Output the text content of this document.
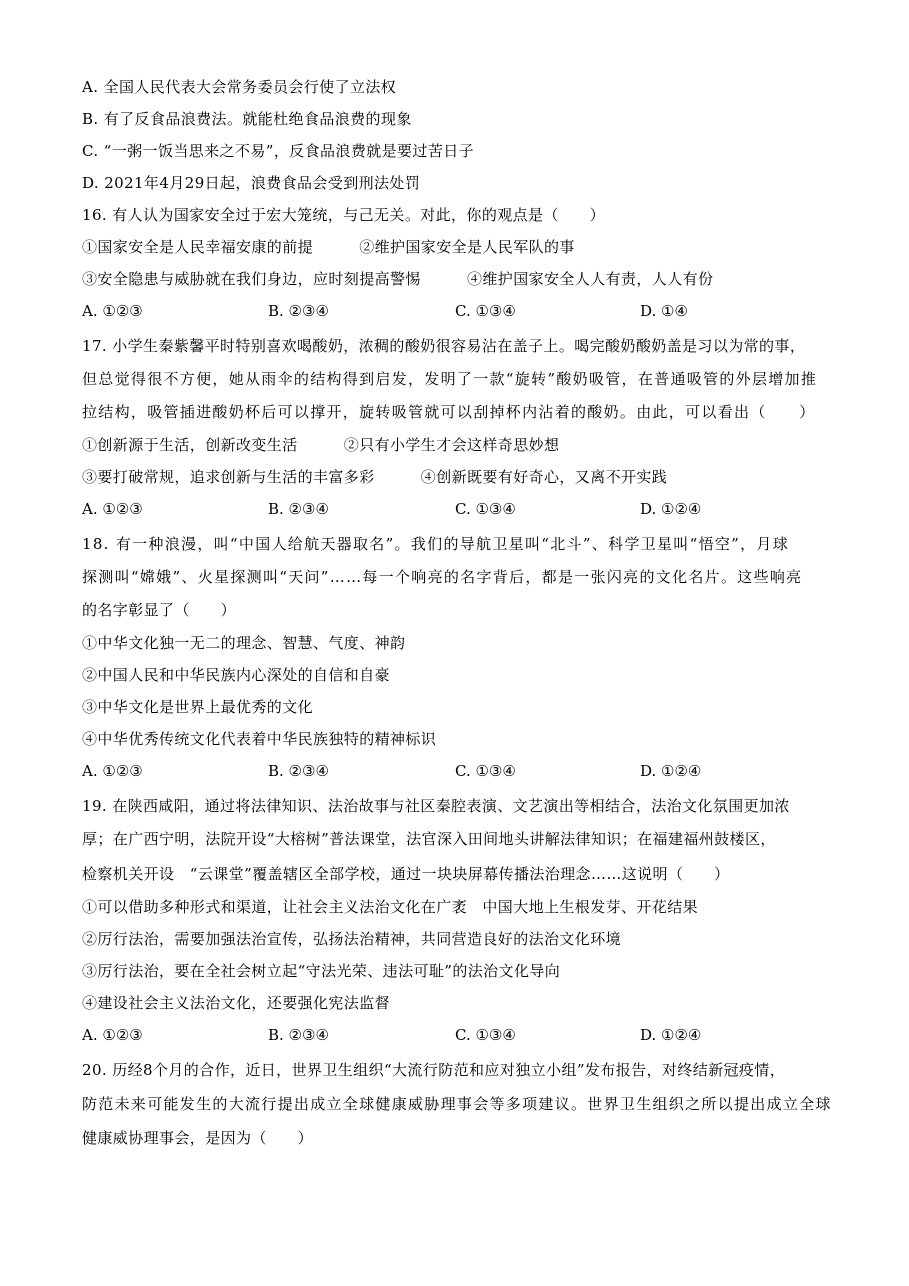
A. 全国人民代表大会常务委员会行使了立法权
B. 有了反食品浪费法。就能杜绝食品浪费的现象
C. “一粥一饭当思来之不易”，反食品浪费就是要过苦日子
D. 2021年4月29日起，浪费食品会受到刑法处罚
16. 有人认为国家安全过于宏大笼统，与己无关。对此，你的观点是（　　）
①国家安全是人民幸福安康的前提　　　②维护国家安全是人民军队的事
③安全隐患与威胁就在我们身边，应时刻提高警惕　　　④维护国家安全人人有责，人人有份
A. ①②③	B. ②③④	C. ①③④	D. ①④
17. 小学生秦紫馨平时特别喜欢喝酸奶，浓稠的酸奶很容易沾在盖子上。喝完酸奶酸奶盖是习以为常的事，
但总觉得很不方便，她从雨伞的结构得到启发，发明了一款“旋转”酸奶吸管，在普通吸管的外层增加推
拉结构，吸管插进酸奶杯后可以撑开，旋转吸管就可以刮掉杯内沾着的酸奶。由此，可以看出（　　）
①创新源于生活，创新改变生活　　　②只有小学生才会这样奇思妙想
③要打破常规，追求创新与生活的丰富多彩　　　④创新既要有好奇心，又离不开实践
A. ①②③	B. ②③④	C. ①③④	D. ①②④
18. 有一种浪漫，叫“中国人给航天器取名”。我们的导航卫星叫“北斗”、科学卫星叫“悟空”，月球
探测叫“嫦娥”、火星探测叫“天问”……每一个响亮的名字背后，都是一张闪亮的文化名片。这些响亮
的名字彰显了（　　）
①中华文化独一无二的理念、智慧、气度、神韵
②中国人民和中华民族内心深处的自信和自豪
③中华文化是世界上最优秀的文化
④中华优秀传统文化代表着中华民族独特的精神标识
A. ①②③	B. ②③④	C. ①③④	D. ①②④
19. 在陕西咸阳，通过将法律知识、法治故事与社区秦腔表演、文艺演出等相结合，法治文化氛围更加浓
厚；在广西宁明，法院开设“大榕树”普法课堂，法官深入田间地头讲解法律知识；在福建福州鼓楼区，
检察机关开设　“云课堂”覆盖辖区全部学校，通过一块块屏幕传播法治理念……这说明（　　）
①可以借助多种形式和渠道，让社会主义法治文化在广袤　中国大地上生根发芽、开花结果
②厉行法治，需要加强法治宣传，弘扬法治精神，共同营造良好的法治文化环境
③厉行法治，要在全社会树立起“守法光荣、违法可耻”的法治文化导向
④建设社会主义法治文化，还要强化宪法监督
A. ①②③	B. ②③④	C. ①③④	D. ①②④
20. 历经8个月的合作，近日，世界卫生组织“大流行防范和应对独立小组”发布报告，对终结新冠疫情，
防范未来可能发生的大流行提出成立全球健康威胁理事会等多项建议。世界卫生组织之所以提出成立全球
健康威协理事会，是因为（　　）
